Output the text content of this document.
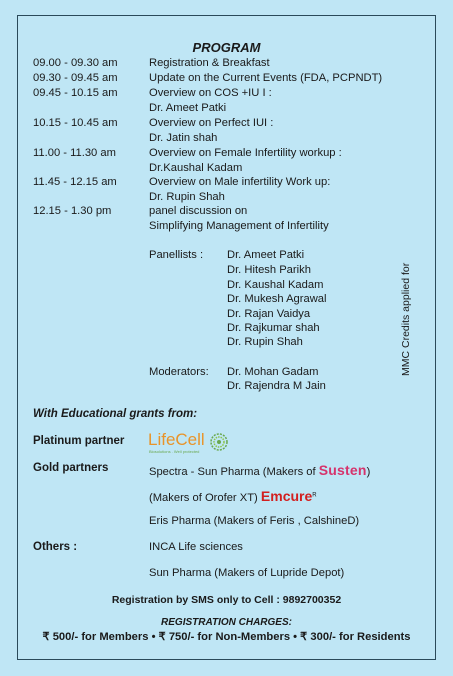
PROGRAM
09.00 - 09.30 am	Registration & Breakfast
09.30 - 09.45 am	Update on the Current Events (FDA, PCPNDT)
09.45 - 10.15 am	Overview on COS +IU I :
Dr. Ameet Patki
10.15 - 10.45 am	Overview on Perfect IUI :
Dr. Jatin shah
11.00 - 11.30 am	Overview on Female Infertility workup :
Dr.Kaushal Kadam
11.45 - 12.15 am	Overview on Male infertility Work up:
Dr. Rupin Shah
12.15 - 1.30 pm	panel discussion on
Simplifying Management of Infertility
Panellists : Dr. Ameet Patki
Dr. Hitesh Parikh
Dr. Kaushal Kadam
Dr. Mukesh Agrawal
Dr. Rajan Vaidya
Dr. Rajkumar shah
Dr. Rupin Shah
Moderators: Dr. Mohan Gadam
Dr. Rajendra M Jain
MMC Credits applied for
With Educational grants from:
Platinum partner LifeCell
Biosolutions . Well protected
Gold partners	Spectra - Sun Pharma (Makers of Susten)
(Makers of Orofer XT) Emcure$^R$
Eris Pharma (Makers of Feris , CalshineD)
Others :	INCA Life sciences
Sun Pharma (Makers of Lupride Depot)
Registration by SMS only to Cell : 9892700352
REGISTRATION CHARGES:
₹ 500/- for Members • ₹ 750/- for Non-Members • ₹ 300/- for Residents
